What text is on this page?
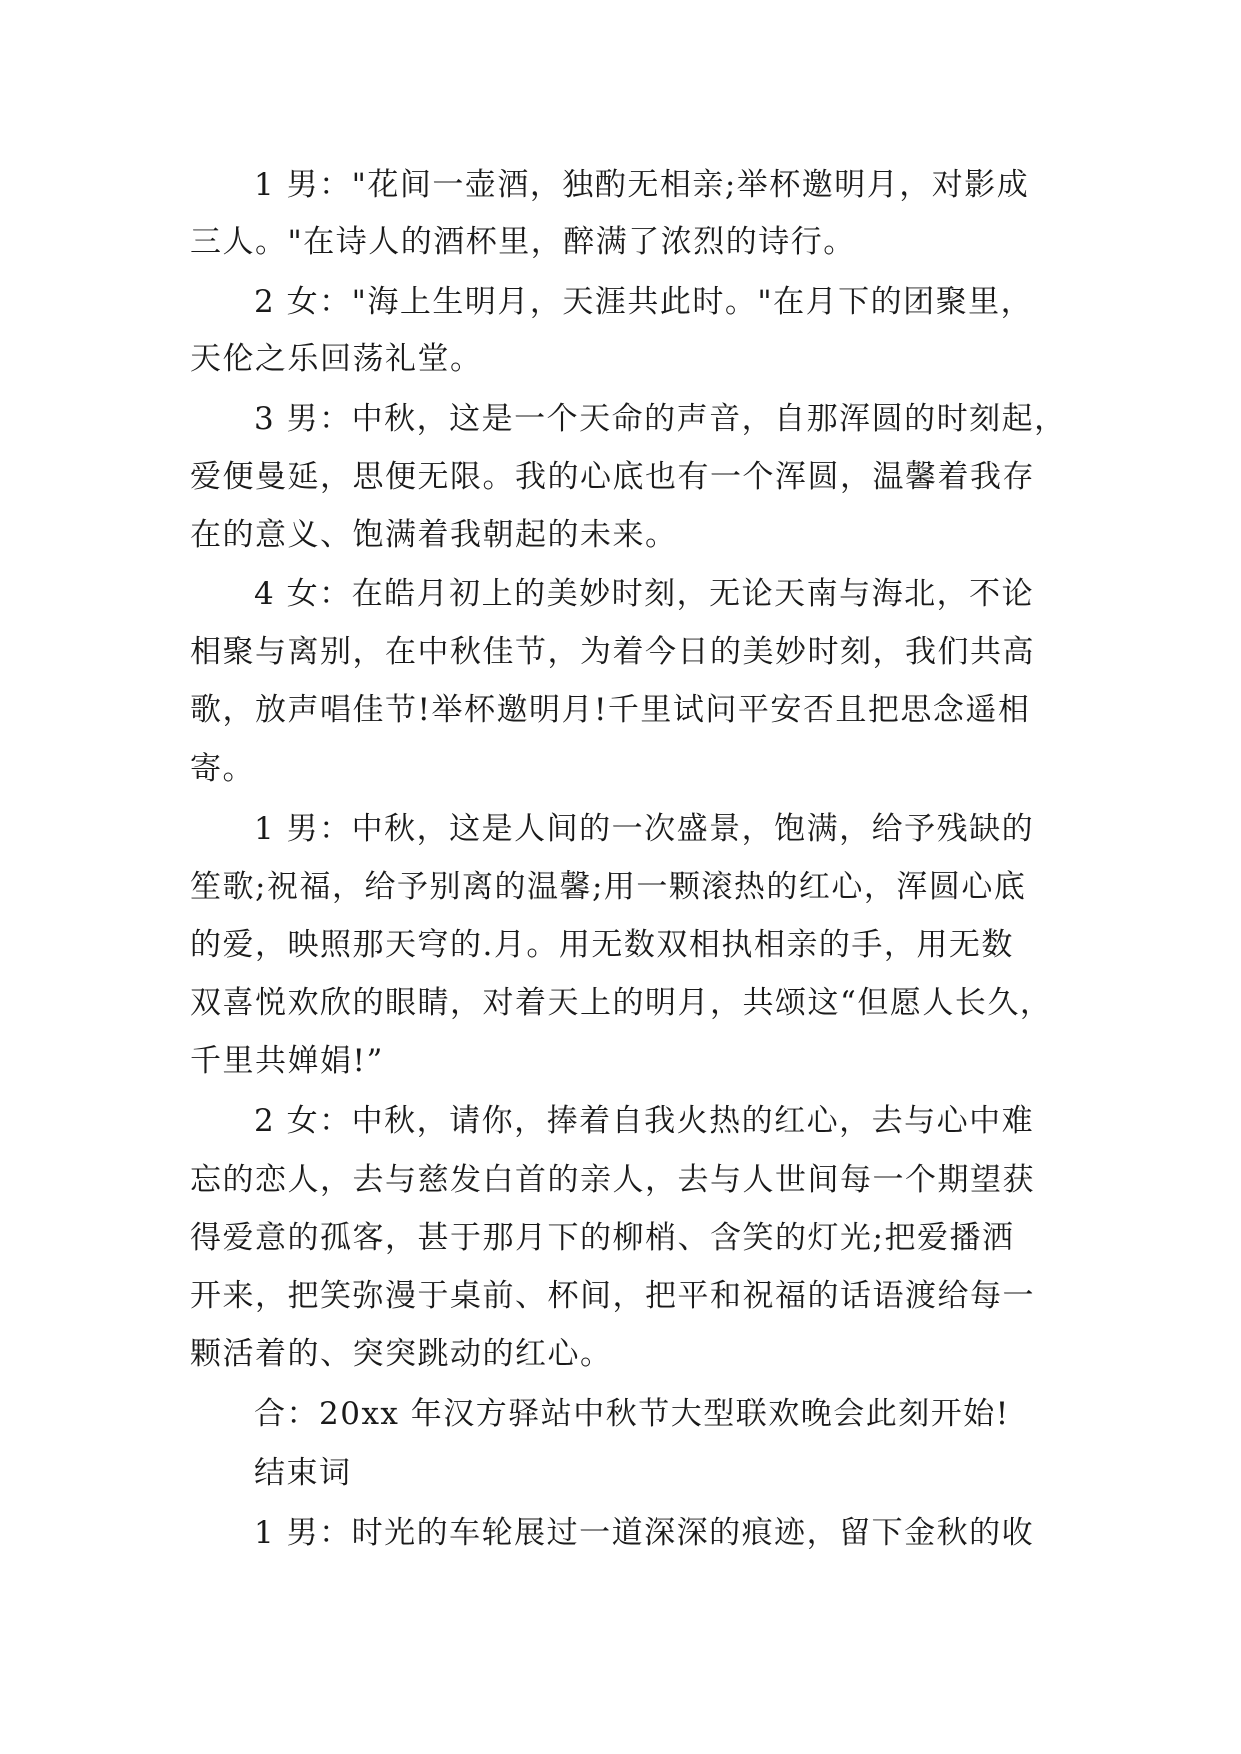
1 男："花间一壶酒，独酌无相亲;举杯邀明月，对影成

三人。"在诗人的酒杯里，醉满了浓烈的诗行。

2 女："海上生明月，天涯共此时。"在月下的团聚里，

天伦之乐回荡礼堂。

3 男：中秋，这是一个天命的声音，自那浑圆的时刻起，

爱便曼延，思便无限。我的心底也有一个浑圆，温馨着我存

在的意义、饱满着我朝起的未来。

4 女：在皓月初上的美妙时刻，无论天南与海北，不论

相聚与离别，在中秋佳节，为着今日的美妙时刻，我们共高

歌，放声唱佳节!举杯邀明月!千里试问平安否且把思念遥相

寄。

1 男：中秋，这是人间的一次盛景，饱满，给予残缺的

笙歌;祝福，给予别离的温馨;用一颗滚热的红心，浑圆心底

的爱，映照那天穹的.月。用无数双相执相亲的手，用无数

双喜悦欢欣的眼睛，对着天上的明月，共颂这“但愿人长久，

千里共婵娟!”

2 女：中秋，请你，捧着自我火热的红心，去与心中难

忘的恋人，去与慈发白首的亲人，去与人世间每一个期望获

得爱意的孤客，甚于那月下的柳梢、含笑的灯光;把爱播洒

开来，把笑弥漫于桌前、杯间，把平和祝福的话语渡给每一

颗活着的、突突跳动的红心。

合：20xx 年汉方驿站中秋节大型联欢晚会此刻开始!

结束词

1 男：时光的车轮展过一道深深的痕迹，留下金秋的收
